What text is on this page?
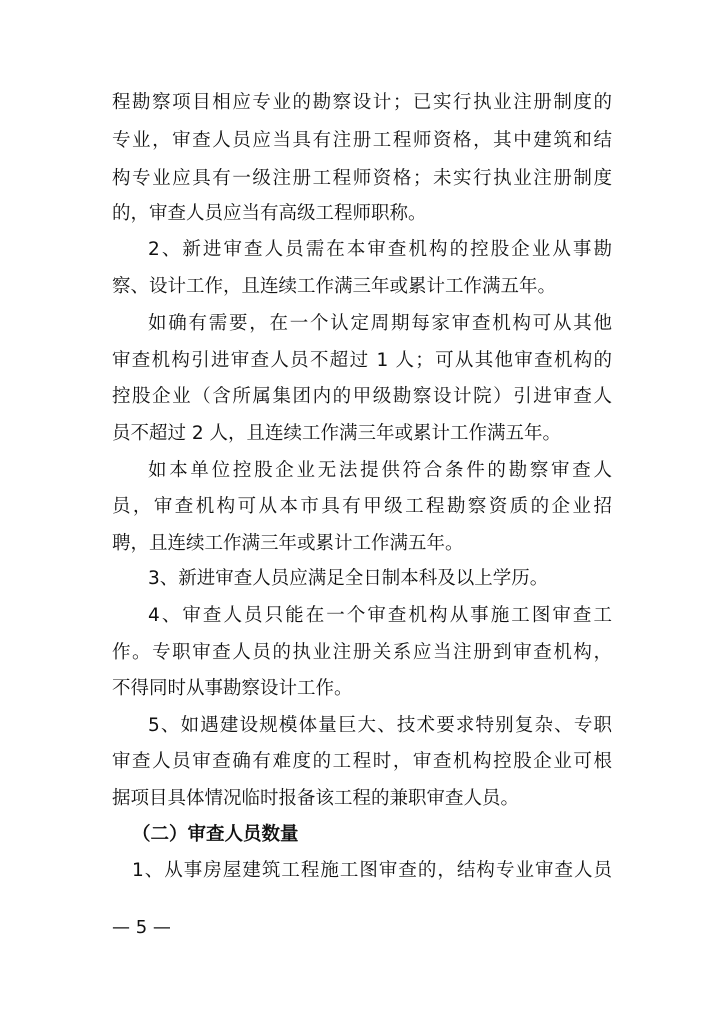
程勘察项目相应专业的勘察设计；已实行执业注册制度的
专业，审查人员应当具有注册工程师资格，其中建筑和结
构专业应具有一级注册工程师资格；未实行执业注册制度
的，审查人员应当有高级工程师职称。
2、新进审查人员需在本审查机构的控股企业从事勘
察、设计工作，且连续工作满三年或累计工作满五年。
如确有需要，在一个认定周期每家审查机构可从其他
审查机构引进审查人员不超过 1 人；可从其他审查机构的
控股企业（含所属集团内的甲级勘察设计院）引进审查人
员不超过 2 人，且连续工作满三年或累计工作满五年。
如本单位控股企业无法提供符合条件的勘察审查人
员，审查机构可从本市具有甲级工程勘察资质的企业招
聘，且连续工作满三年或累计工作满五年。
3、新进审查人员应满足全日制本科及以上学历。
4、审查人员只能在一个审查机构从事施工图审查工
作。专职审查人员的执业注册关系应当注册到审查机构，
不得同时从事勘察设计工作。
5、如遇建设规模体量巨大、技术要求特别复杂、专职
审查人员审查确有难度的工程时，审查机构控股企业可根
据项目具体情况临时报备该工程的兼职审查人员。
（二）审查人员数量
1、从事房屋建筑工程施工图审查的，结构专业审查人员
— 5 —
